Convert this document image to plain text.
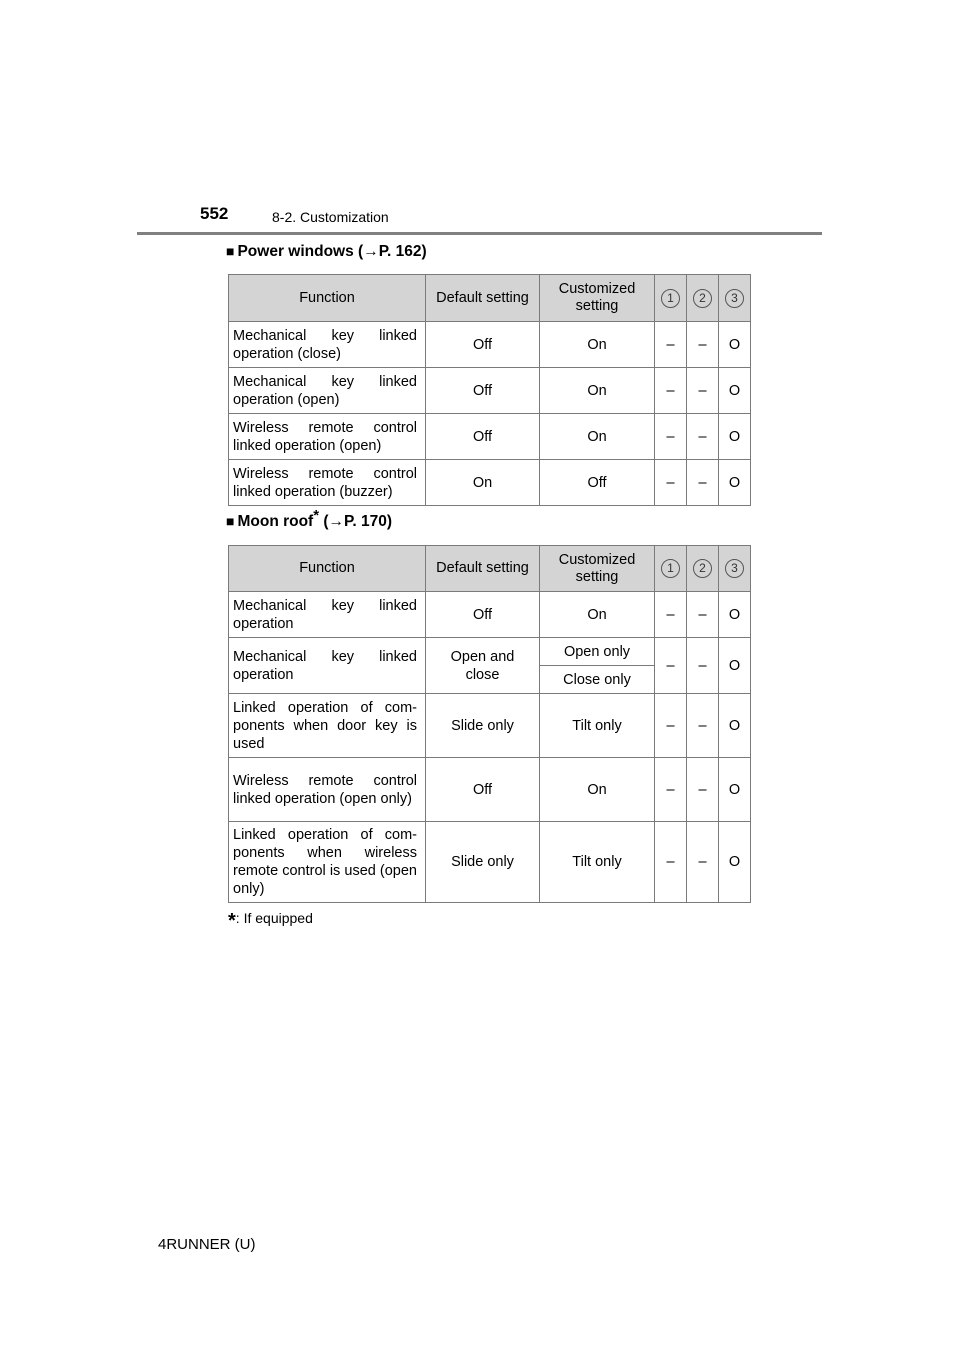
552	8-2. Customization
■ Power windows (→P. 162)
Function	Default setting	Customized setting	1	2	3
Mechanical key linked operation (close)	Off	On	–	–	O
Mechanical key linked operation (open)	Off	On	–	–	O
Wireless remote control linked operation (open)	Off	On	–	–	O
Wireless remote control linked operation (buzzer)	On	Off	–	–	O
■ Moon roof* (→P. 170)
Function	Default setting	Customized setting	1	2	3
Mechanical key linked operation	Off	On	–	–	O
Mechanical key linked operation	Open and close	Open only	–	–	O
		Close only			
Linked operation of com-ponents when door key is used	Slide only	Tilt only	–	–	O
Wireless remote control linked operation (open only)	Off	On	–	–	O
Linked operation of com-ponents when wireless remote control is used (open only)	Slide only	Tilt only	–	–	O
*: If equipped
4RUNNER (U)
